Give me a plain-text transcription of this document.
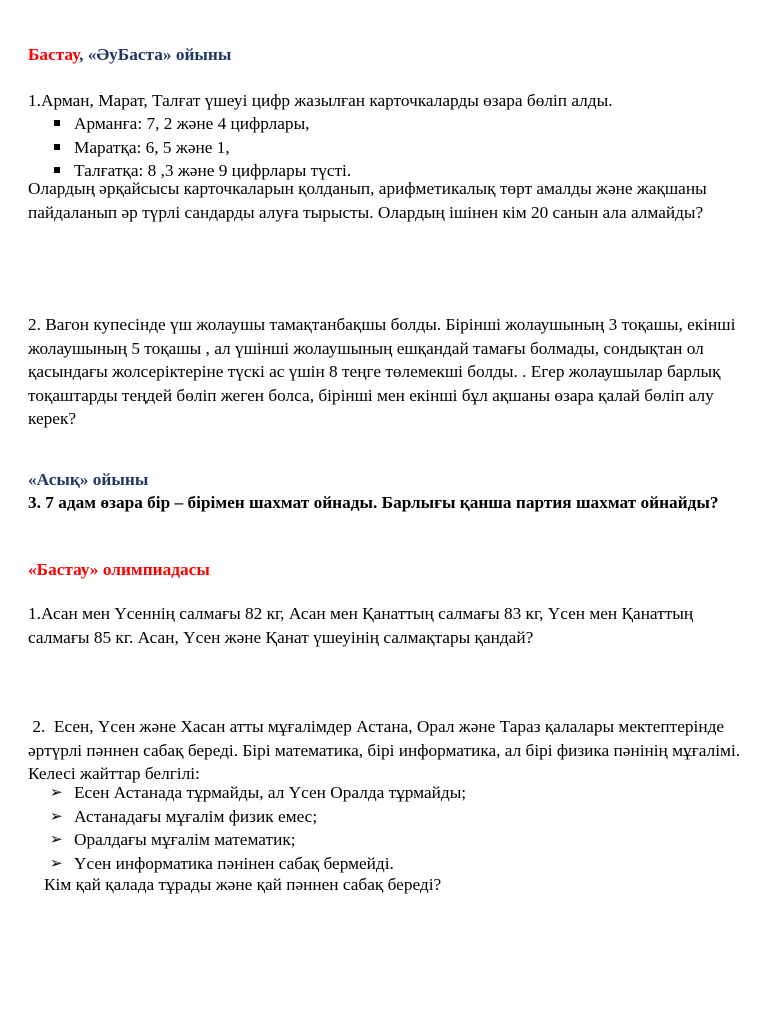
Бастау, «ӘуБаста» ойыны

1.Арман, Марат, Талғат үшеуі цифр жазылған карточкаларды өзара бөліп алды.

Арманға: 7, 2 және 4 цифрлары,
Маратқа: 6, 5 және 1,
Талғатқа: 8 ,3 және 9 цифрлары түсті.

Олардың әрқайсысы карточкаларын қолданып, арифметикалық төрт амалды және жақшаны пайдаланып әр түрлі сандарды алуға тырысты. Олардың ішінен кім 20 санын ала алмайды?

2. Вагон купесінде үш жолаушы тамақтанбақшы болды. Бірінші жолаушының 3 тоқашы, екінші жолаушының 5 тоқашы , ал үшінші жолаушының ешқандай тамағы болмады, сондықтан ол қасындағы жолсеріктеріне түскі ас үшін 8 теңге төлемекші болды. . Егер жолаушылар барлық тоқаштарды теңдей бөліп жеген болса, бірінші мен екінші бұл ақшаны өзара қалай бөліп алу керек?

«Асық» ойыны

3. 7 адам өзара бір – бірімен шахмат ойнады. Барлығы қанша партия шахмат ойнайды?

«Бастау» олимпиадасы

1.Асан мен Үсеннің салмағы 82 кг, Асан мен Қанаттың салмағы 83 кг, Үсен мен Қанаттың салмағы 85 кг. Асан, Үсен және Қанат үшеуінің салмақтары қандай?

2.  Есен, Үсен және Хасан атты мұғалімдер Астана, Орал және Тараз қалалары мектептерінде әртүрлі пәннен сабақ береді. Бірі математика, бірі информатика, ал бірі физика пәнінің мұғалімі. Келесі жайттар белгілі:

➢ Есен Астанада тұрмайды, ал Үсен Оралда тұрмайды;
➢ Астанадағы мұғалім физик емес;
➢ Оралдағы мұғалім математик;
➢ Үсен информатика пәнінен сабақ бермейді.

Кім қай қалада тұрады және қай пәннен сабақ береді?
